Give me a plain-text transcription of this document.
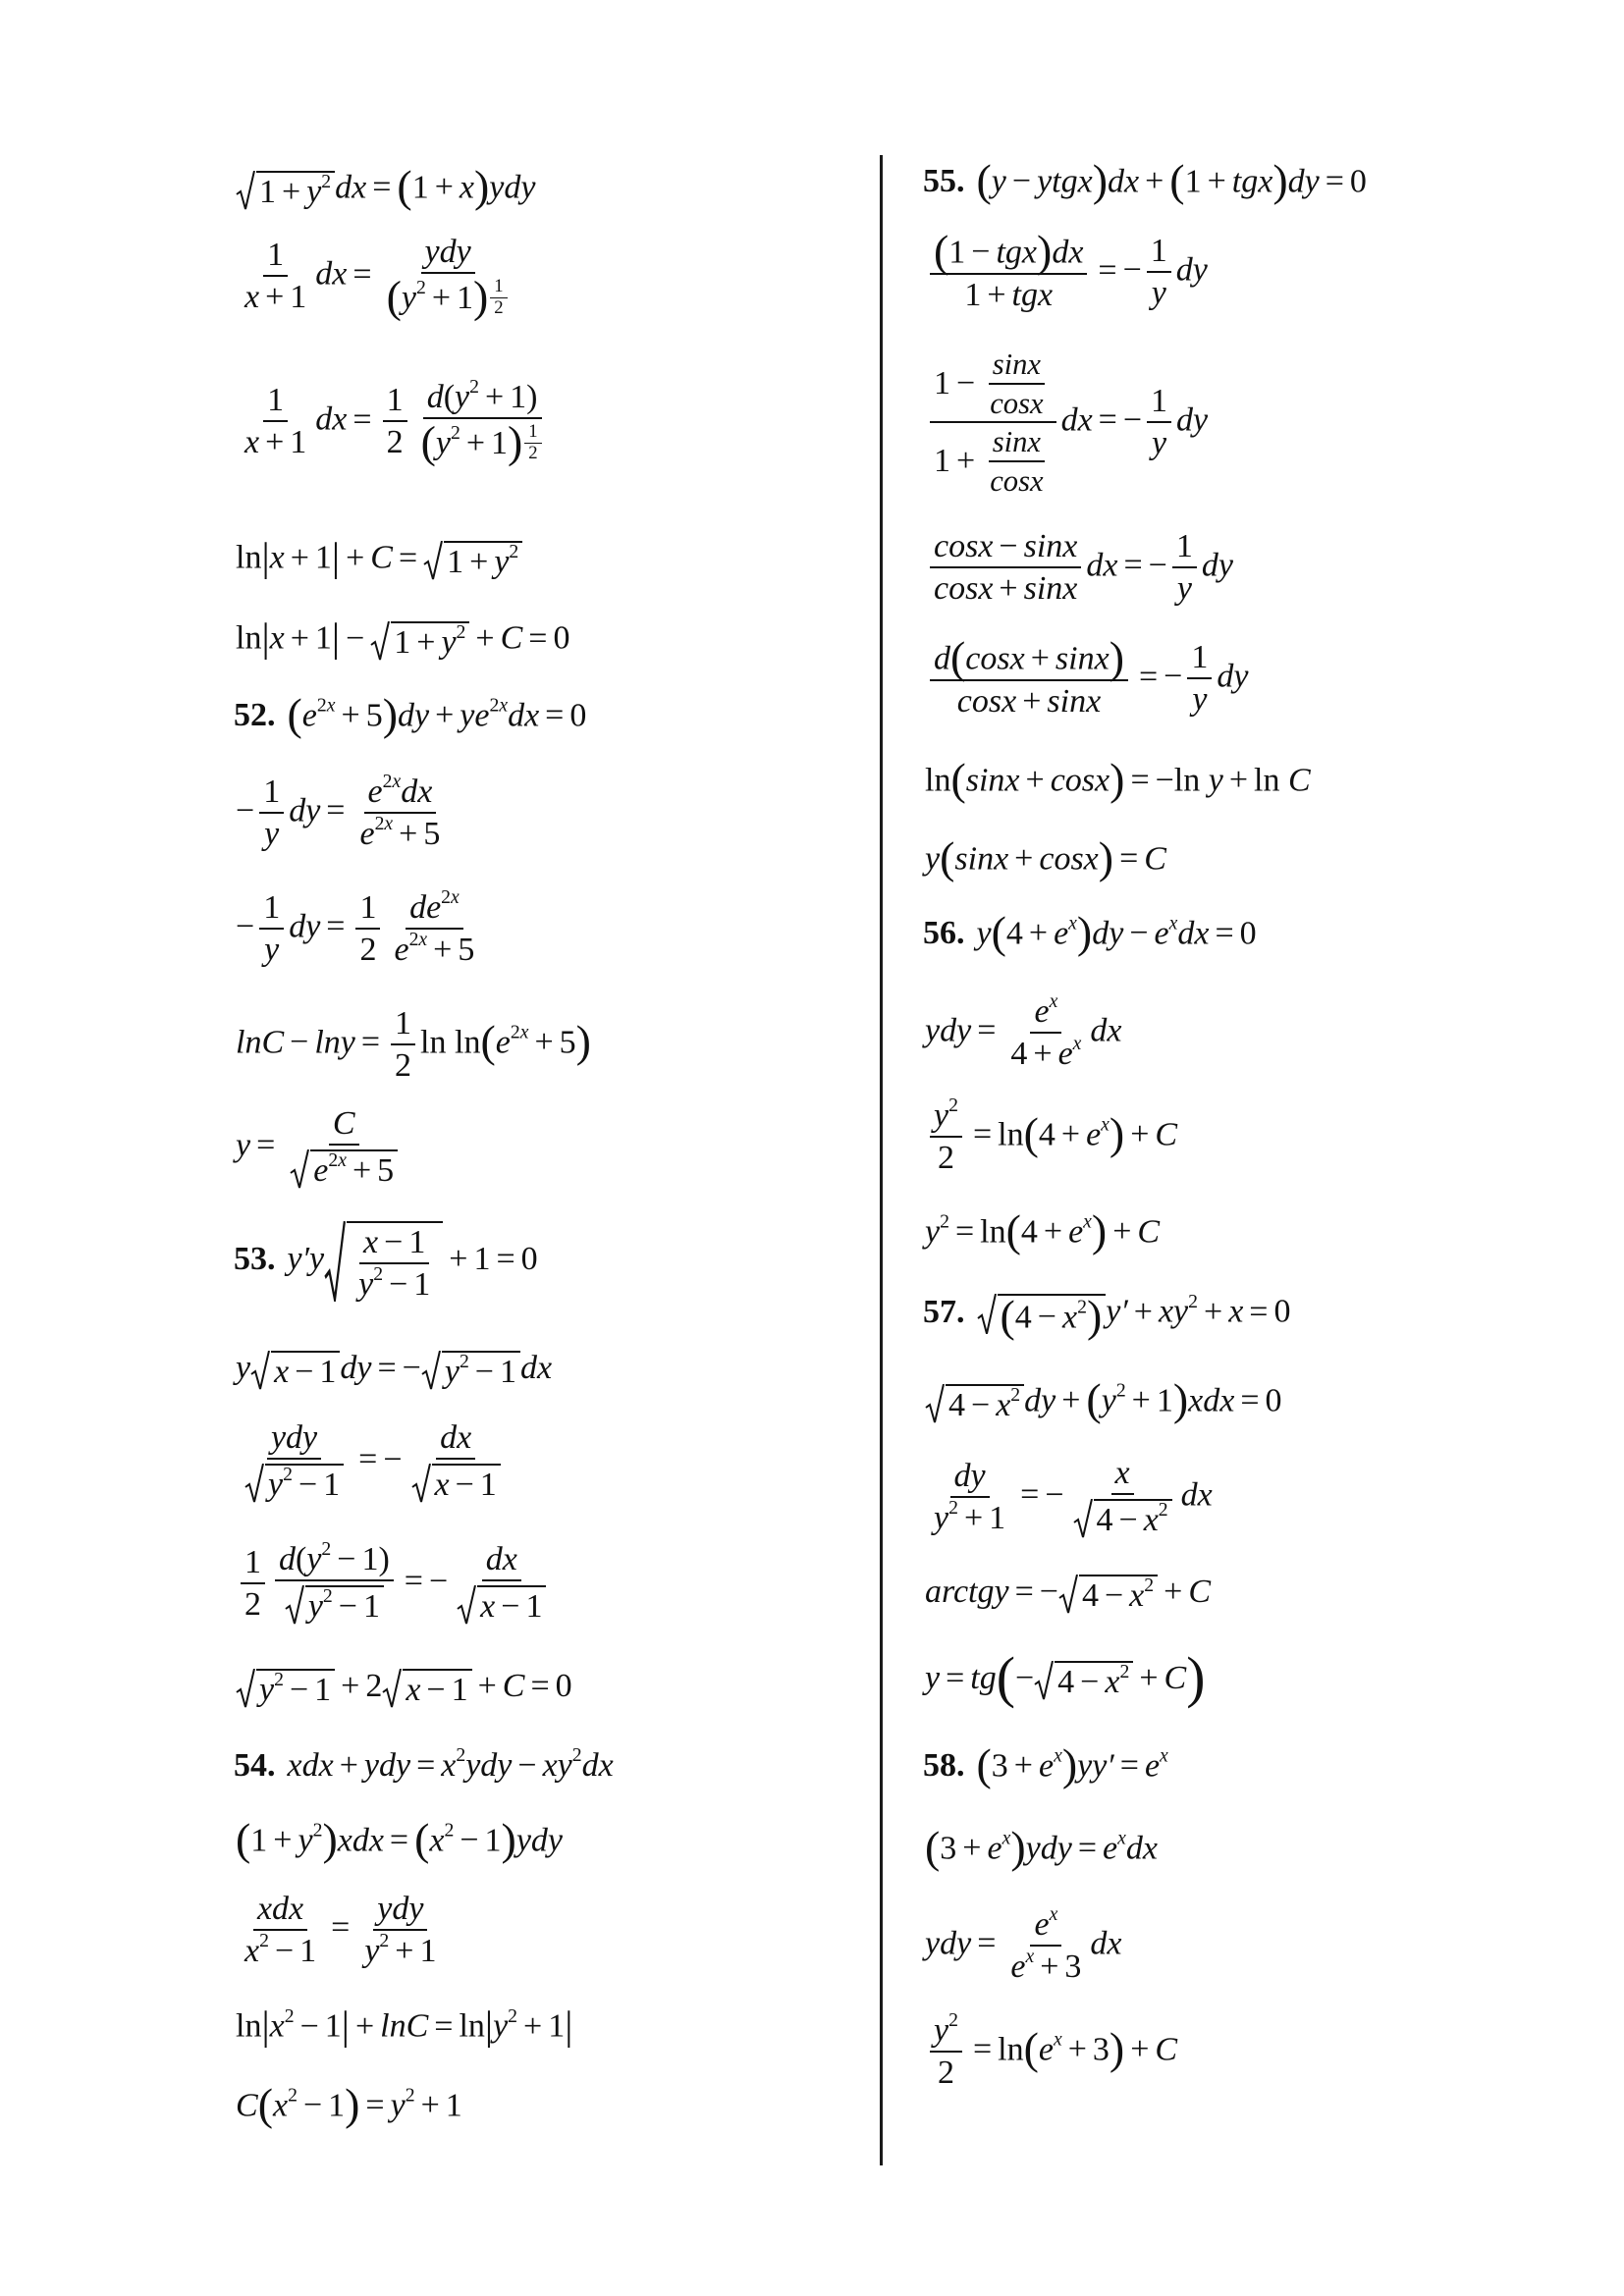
$1 + y^2$ dx = (1 + x)ydy
$\frac{1}{x + 1}$ dx = $\frac{\text{ydy}}{(y^2 + 1) \frac{1}{2}}$
$\frac{1}{x + 1}$ dx = $\frac{1}{2} \frac{d(y^2 + 1)}{(y^2 + 1) \frac{1}{2}}$
$\ln|x + 1| + C = 1 + y^2$
$\ln|x + 1| - 1 + y^2 + C = 0$
52. $(e^{2x} + 5)dy + ye^{2x}dx = 0$
− $\frac{1}{y}$ dy = $\frac{e^{2x}dx}{e^{2x} + 5}$
− $\frac{1}{y}$ dy = $\frac{1}{2} \frac{de^{2x}}{e^{2x} + 5}$
$\ln C - \ln y = \frac{1}{2}$ $\ln \ln(e^{2x} + 5)$
$y = \frac{C}{e^{2x} + 5}$
53. $y'y \frac{x - 1}{y^2 - 1} + 1 = 0$
y x − 1 dy = − $y^2 - 1$ dx
$\frac{\text{ydy}}{y^2 - 1}$ = − $\frac{dx}{x - 1}$
$\frac{1}{2} \frac{d(y^2 - 1)}{y^2 - 1}$ = − $\frac{dx}{x - 1}$
$y^2 - 1 + 2$ x − 1 + C = 0
54. xdx + ydy = $x^2ydy - xy^2dx$
$(1 + y^2)xdx = (x^2 - 1)ydy$
$\frac{\text{xdx}}{x^2 - 1} = \frac{\text{ydy}}{y^2 + 1}$
$\ln|x^2 - 1| + \ln C = \ln|y^2 + 1|$
$C(x^2 - 1) = y^2 + 1$
55. (y − ytgx)dx + (1 + tgx)dy = 0
$\frac{\text{(1 − tgx)dx}}{\text{1 + tgx}}$ = − $\frac{1}{y}$ dy
$\frac{1 - \frac{\sin x}{\cos x}}{1 + \frac{\sin x}{\cos x}}$ dx = − $\frac{1}{y}$ dy
$\frac{\cos x - \sin x}{\cos x + \sin x}$ dx = − $\frac{1}{y}$ dy
$\frac{d(\cos x + \sin x)}{\cos x + \sin x}$ = − $\frac{1}{y}$ dy
ln(sinx + cosx) = −ln y + ln C
y(sinx + cosx) = C
56. $y(4 + e^x)dy - e^xdx = 0$
ydy = $\frac{e^x}{4 + e^x}$ dx
$\frac{y^2}{2} = \ln(4 + e^x) + C$
$y^2 = \ln(4 + e^x) + C$
57. $(4 - x^2)$ $y' + xy^2 + x = 0$
$4 - x^2$ dy + $(y^2 + 1)xdx = 0$
$\frac{dy}{y^2 + 1}$ = − $\frac{x}{4 - x^2}$ dx
arctgy = − $4 - x^2 + C$
$y = tg(- 4 - x^2 + C)$
58. $(3 + e^x)yy' = e^x$
$(3 + e^x)ydy = e^xdx$
ydy = $\frac{e^x}{e^x + 3}$ dx
$\frac{y^2}{2} = \ln(e^x + 3) + C$
